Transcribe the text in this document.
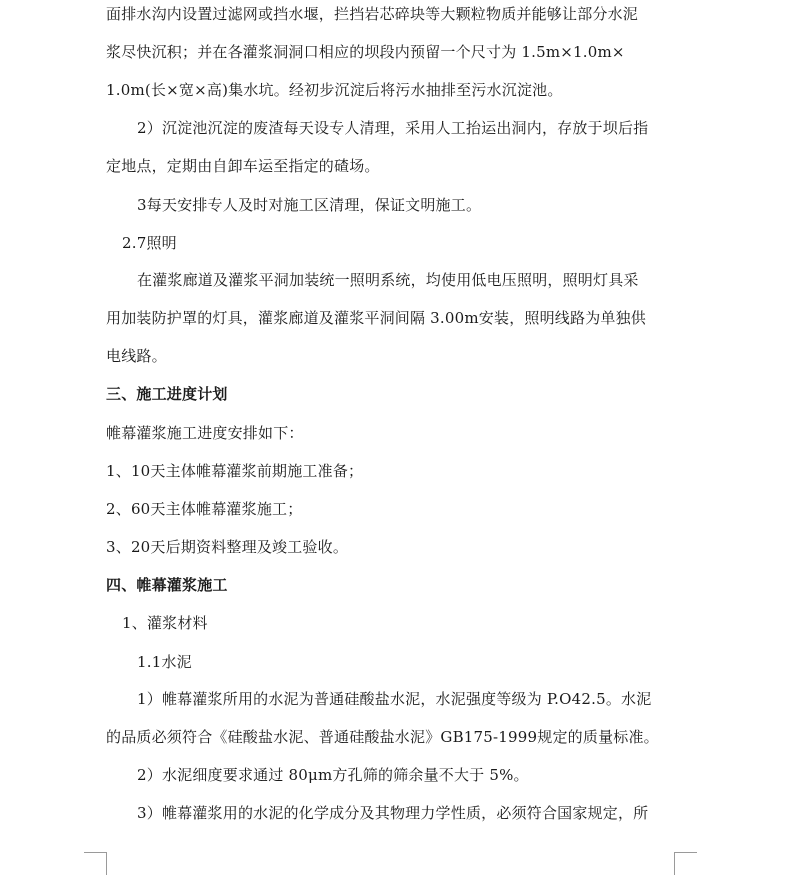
面排水沟内设置过滤网或挡水堰，拦挡岩芯碎块等大颗粒物质并能够让部分水泥
浆尽快沉积；并在各灌浆洞洞口相应的坝段内预留一个尺寸为 1.5m×1.0m×
1.0m(长×宽×高)集水坑。经初步沉淀后将污水抽排至污水沉淀池。
2）沉淀池沉淀的废渣每天设专人清理，采用人工抬运出洞内，存放于坝后指
定地点，定期由自卸车运至指定的碴场。
3每天安排专人及时对施工区清理，保证文明施工。
2.7照明
在灌浆廊道及灌浆平洞加装统一照明系统，均使用低电压照明，照明灯具采
用加装防护罩的灯具，灌浆廊道及灌浆平洞间隔 3.00m安装，照明线路为单独供
电线路。
三、施工进度计划
帷幕灌浆施工进度安排如下：
1、10天主体帷幕灌浆前期施工准备；
2、60天主体帷幕灌浆施工；
3、20天后期资料整理及竣工验收。
四、帷幕灌浆施工
1、灌浆材料
1.1水泥
1）帷幕灌浆所用的水泥为普通硅酸盐水泥，水泥强度等级为 P.O42.5。水泥
的品质必须符合《硅酸盐水泥、普通硅酸盐水泥》GB175-1999规定的质量标准。
2）水泥细度要求通过 80μm方孔筛的筛余量不大于 5%。
3）帷幕灌浆用的水泥的化学成分及其物理力学性质，必须符合国家规定，所
